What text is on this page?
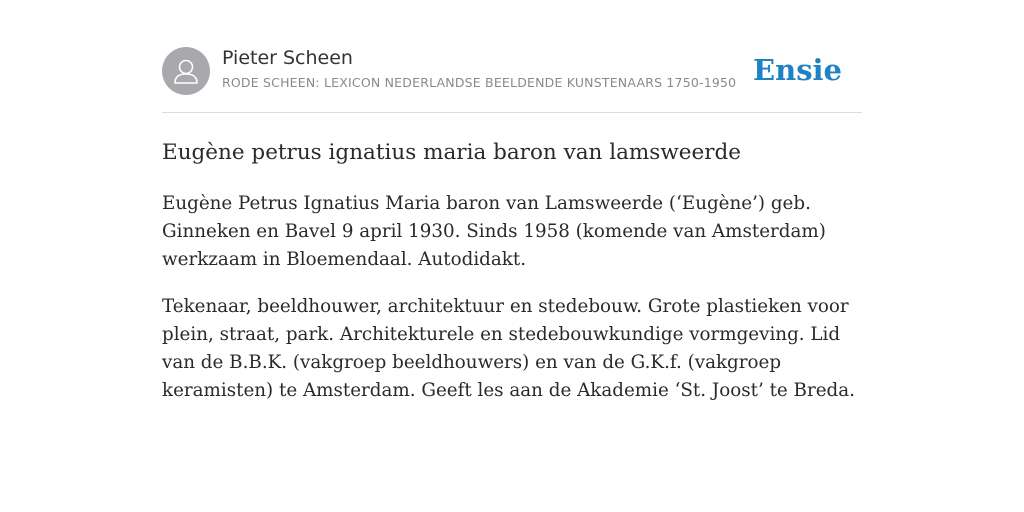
Pieter Scheen
RODE SCHEEN: LEXICON NEDERLANDSE BEELDENDE KUNSTENAARS 1750-1950 Ensie
Eugène petrus ignatius maria baron van lamsweerde

Eugène Petrus Ignatius Maria baron van Lamsweerde (‘Eugène’) geb. Ginneken en Bavel 9 april 1930. Sinds 1958 (komende van Amsterdam) werkzaam in Bloemendaal. Autodidakt.

Tekenaar, beeldhouwer, architektuur en stedebouw. Grote plastieken voor plein, straat, park. Architekturele en stedebouwkundige vormgeving. Lid van de B.B.K. (vakgroep beeldhouwers) en van de G.K.f. (vakgroep keramisten) te Amsterdam. Geeft les aan de Akademie ‘St. Joost’ te Breda.
